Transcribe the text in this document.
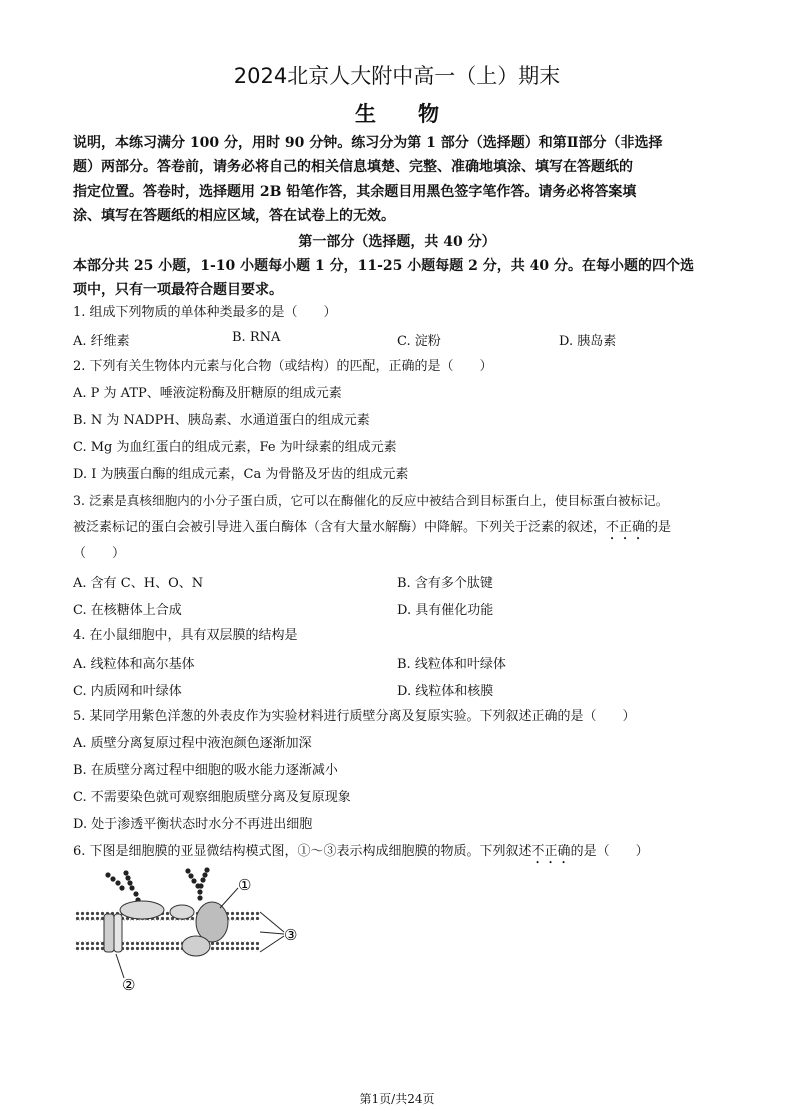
2024北京人大附中高一（上）期末
生　　物
说明，本练习满分 100 分，用时 90 分钟。练习分为第 1 部分（选择题）和第Ⅱ部分（非选择
题）两部分。答卷前，请务必将自己的相关信息填楚、完整、准确地填涂、填写在答题纸的
指定位置。答卷时，选择题用 2B 铅笔作答，其余题目用黑色签字笔作答。请务必将答案填
涂、填写在答题纸的相应区域，答在试卷上的无效。
第一部分（选择题，共 40 分）
本部分共 25 小题，1-10 小题每小题 1 分，11-25 小题每题 2 分，共 40 分。在每小题的四个选
项中，只有一项最符合题目要求。
1. 组成下列物质的单体种类最多的是（　　）
A. 纤维素	B. RNA	C. 淀粉	D. 胰岛素
2. 下列有关生物体内元素与化合物（或结构）的匹配，正确的是（　　）
A. P 为 ATP、唾液淀粉酶及肝糖原的组成元素
B. N 为 NADPH、胰岛素、水通道蛋白的组成元素
C. Mg 为血红蛋白的组成元素，Fe 为叶绿素的组成元素
D. I 为胰蛋白酶的组成元素，Ca 为骨骼及牙齿的组成元素
3. 泛素是真核细胞内的小分子蛋白质，它可以在酶催化的反应中被结合到目标蛋白上，使目标蛋白被标记。
被泛素标记的蛋白会被引导进入蛋白酶体（含有大量水解酶）中降解。下列关于泛素的叙述，不正确的是
（　　）
A. 含有 C、H、O、N	B. 含有多个肽键
C. 在核糖体上合成	D. 具有催化功能
4. 在小鼠细胞中，具有双层膜的结构是
A. 线粒体和高尔基体	B. 线粒体和叶绿体
C. 内质网和叶绿体	D. 线粒体和核膜
5. 某同学用紫色洋葱的外表皮作为实验材料进行质壁分离及复原实验。下列叙述正确的是（　　）
A. 质壁分离复原过程中液泡颜色逐渐加深
B. 在质壁分离过程中细胞的吸水能力逐渐减小
C. 不需要染色就可观察细胞质壁分离及复原现象
D. 处于渗透平衡状态时水分不再进出细胞
6. 下图是细胞膜的亚显微结构模式图，①～③表示构成细胞膜的物质。下列叙述不正确的是（　　）
①
②
③
第1页/共24页
